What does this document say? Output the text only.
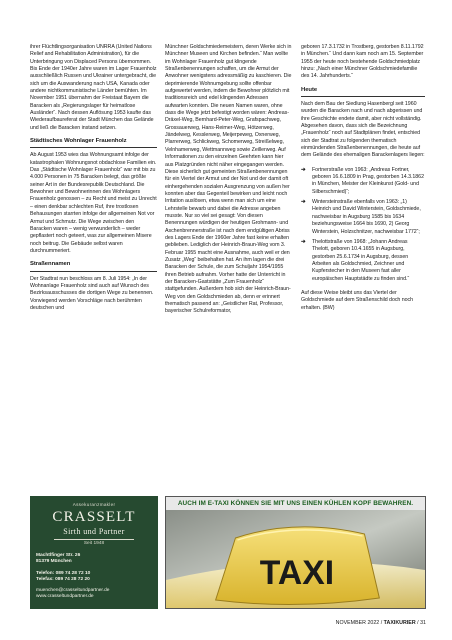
ihrer Flüchtlingsorganisation UNRRA (United Nations Relief and Rehabilitation Administration), für die Unterbringung von Displaced Persons übernommen. Bis Ende der 1940er Jahre waren im Lager Frauenholz ausschließlich Russen und Ukrainer untergebracht, die sich um die Auswanderung nach USA, Kanada oder andere nichtkommunistische Länder bemühten. Im November 1951 übernahm der Freistaat Bayern die Baracken als „Regierungslager für heimatlose Ausländer“. Nach dessen Auflösung 1953 kaufte das Wiederaufbaureferat der Stadt München das Gelände und ließ die Baracken instand setzen.

Städtisches Wohnlager Frauenholz

Ab August 1953 wies das Wohnungsamt infolge der katastrophalen Wohnungsnot obdachlose Familien ein. Das „Städtische Wohnlager Frauenholz“ war mit bis zu 4.000 Personen in 75 Baracken belegt, das größte seiner Art in der Bundesrepublik Deutschland. Die Bewohner und Bewohnerinnen des Wohnlagers Frauenholz genossen – zu Recht und meist zu Unrecht – einen denkbar schlechten Ruf, ihre trostlosen Behausungen starrten infolge der allgemeinen Not vor Armut und Schmutz. Die Wege zwischen den Baracken waren – wenig verwunderlich – weder gepflastert noch geteert, was zur allgemeinen Misere noch beitrug. Die Gebäude selbst waren durchnummeriert.

Straßennamen

Der Stadtrat nun beschloss am 8. Juli 1954: „In der Wohnanlage Frauenholz sind auch auf Wunsch des Bezirksausschusses die dortigen Wege zu benennen. Vorwiegend werden Vorschläge nach berühmten deutschen und

Münchner Goldschmiedemeistern, deren Werke sich in Münchner Museen und Kirchen befinden.“ Man wollte im Wohnlager Frauenholz gut klingende Straßenbenennungen schaffen, um die Armut der Anwohner wenigstens adressmäßig zu kaschieren. Die deprimierende Wohnumgebung sollte offenbar aufgewertet werden, indem die Bewohner plötzlich mit traditionsreich und edel klingenden Adressen aufwarten konnten. Die neuen Namen waren, ohne dass die Wege jetzt befestigt worden wären: Andreas-Dräxel-Weg, Bernhard-Peter-Weg, Grafspachweg, Grossauerweg, Hans-Reimer-Weg, Hötzerweg, Jändelweg, Kesslerweg, Meijerpeweg, Oxnerweg, Plarrerweg, Schlickweg, Schomerweg, Streißelweg, Velnhamerweg, Wettmannweg sowie Zeillerweg. Auf Informationen zu den einzelnen Geehrten kann hier aus Platzgründen nicht näher eingegangen werden. Diese sicherlich gut gemeinten Straßenbenennungen für ein Viertel der Armut und der Not und der damit oft einhergehenden sozialen Ausgrenzung von außen her konnten aber das Gegenteil bewirken und leicht noch Irritation auslösen, etwa wenn man sich um eine Lehrstelle bewarb und dabei die Adresse angeben musste. Nur so viel sei gesagt: Von diesen Benennungen würdigen der heutigen Grohmann- und Aschenbrennerstraße ist nach dem endgültigen Abriss des Lagers Ende der 1960er Jahre fast keine erhalten geblieben. Lediglich der Heinrich-Braun-Weg vom 3. Februar 1955 macht eine Ausnahme, auch weil er den Zusatz „Weg“ beibehalten hat. An ihm lagen die drei Baracken der Schule, die zum Schuljahr 1954/1955 ihren Betrieb aufnahm. Vorher hatte der Unterricht in der Baracken-Gaststätte „Zum Frauenholz“ stattgefunden. Außerdem hob sich der Heinrich-Braun-Weg von den Goldschmieden ab, denn er erinnert thematisch passend an: „Geistlicher Rat, Professor, bayerischer Schulreformator,

geboren 17.3.1732 in Trostberg, gestorben 8.11.1792 in München.“ Und dann kam noch am 15. September 1955 der heute noch bestehende Goldschmiedplatz hinzu: „Nach einer Münchner Goldschmiedefamilie des 14. Jahrhunderts.“

Heute

Nach dem Bau der Siedlung Hasenbergl seit 1960 wurden die Baracken nach und nach abgerissen und ihre Geschichte endete damit, aber nicht vollständig. Abgesehen davon, dass sich die Bezeichnung „Frauenholz“ noch auf Stadtplänen findet, entschied sich der Stadtrat zu folgenden thematisch einmündenden Straßenbenennungen, die heute auf dem Gelände des ehemaligen Barackenlagers liegen:

➔ Fortnerstraße von 1963: „Andreas Fortner, geboren 16.6.1809 in Prag, gestorben 14.3.1862 in München, Meister der Kleinkunst (Gold- und Silberschmied)“;
➔ Wintersteinstraße ebenfalls von 1963: „1) Heinrich und David Winterstein, Goldschmiede, nachweisbar in Augsburg 1585 bis 1634 beziehungsweise 1664 bis 1690, 2) Georg Winterstein, Holzschnitzer, nachweisbar 1772“;
➔ Thelottstraße von 1968: „Johann Andreas Thelott, geboren 10.4.1655 in Augsburg, gestorben 25.6.1734 in Augsburg, dessen Arbeiten als Goldschmied, Zeichner und Kupferstecher in den Museen fast aller europäischen Hauptstädte zu finden sind.“

Auf diese Weise bleibt uns das Viertel der Goldschmiede auf dem Straßenschild doch noch erhalten. (BW)

Assekuranzmakler
CRASSELT
Sirth und Partner
Seit 1948
Machtlfinger Str. 26
81379 München
Telefon: 089 74 28 72 10
Telefax: 089 74 28 72 20
muenchen@crasseltundpartner.de
www.crasseltundpartner.de
AUCH IM E-TAXI KÖNNEN SIE MIT UNS EINEN KÜHLEN KOPF BEWAHREN.
TAXI
NOVEMBER 2022 / TAXIKURIER / 31
